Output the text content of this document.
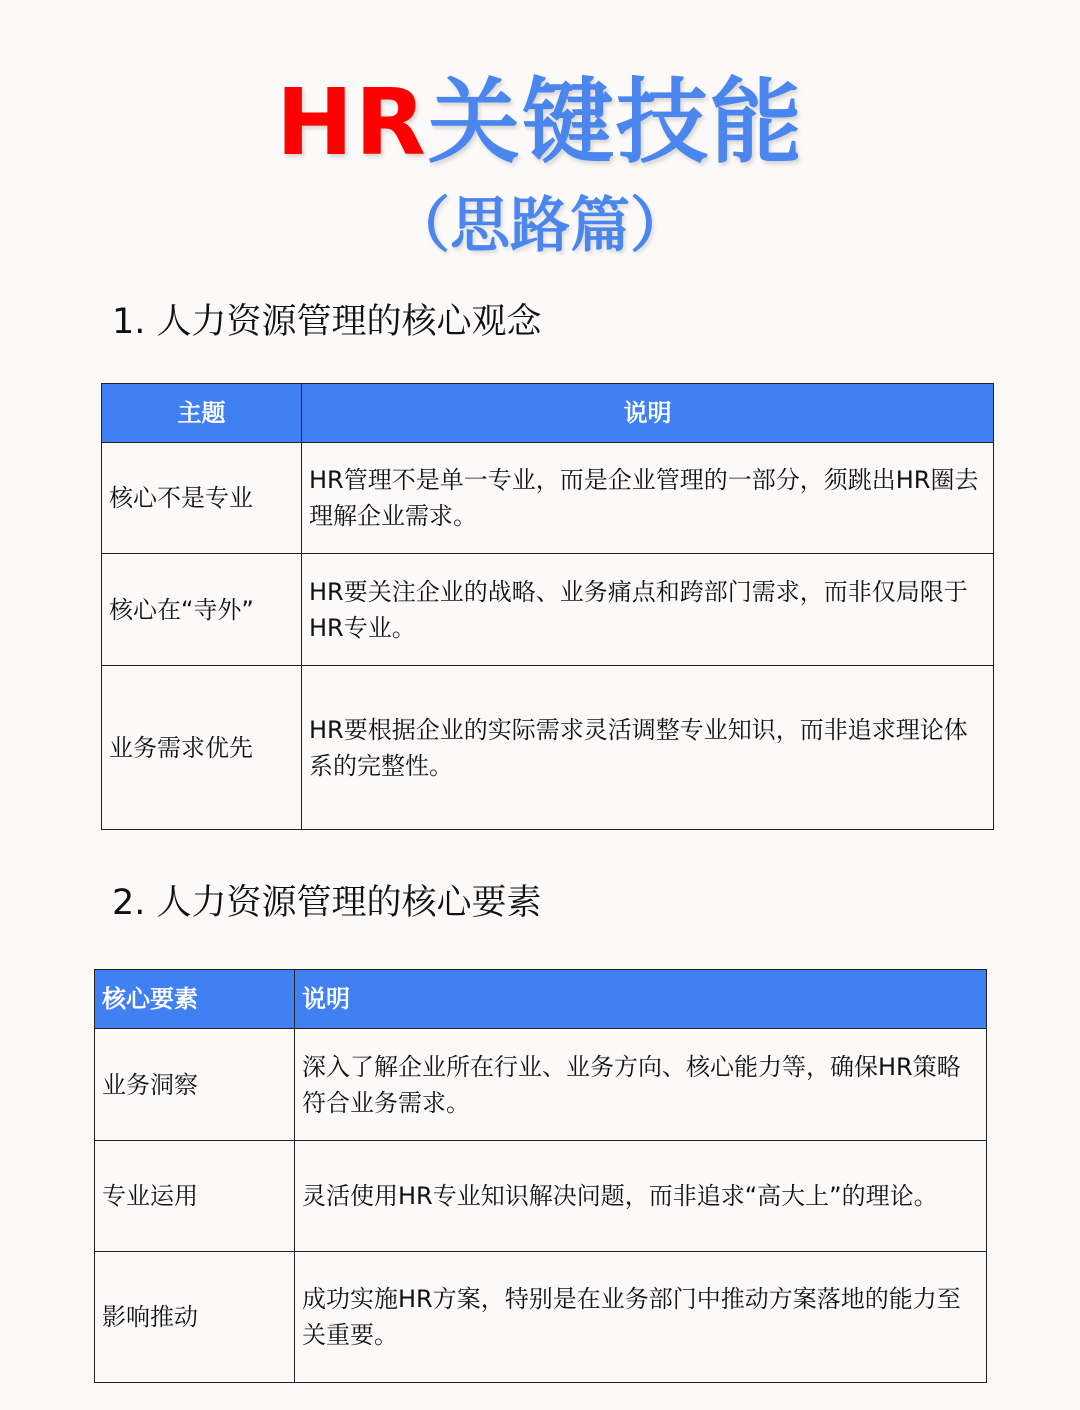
HR关键技能
（思路篇）
1. 人力资源管理的核心观念
主题	说明
核心不是专业	HR管理不是单一专业，而是企业管理的一部分，须跳出HR圈去理解企业需求。
核心在“寺外”	HR要关注企业的战略、业务痛点和跨部门需求，而非仅局限于HR专业。
业务需求优先	HR要根据企业的实际需求灵活调整专业知识，而非追求理论体系的完整性。
2. 人力资源管理的核心要素
核心要素	说明
业务洞察	深入了解企业所在行业、业务方向、核心能力等，确保HR策略符合业务需求。
专业运用	灵活使用HR专业知识解决问题，而非追求“高大上”的理论。
影响推动	成功实施HR方案，特别是在业务部门中推动方案落地的能力至关重要。
